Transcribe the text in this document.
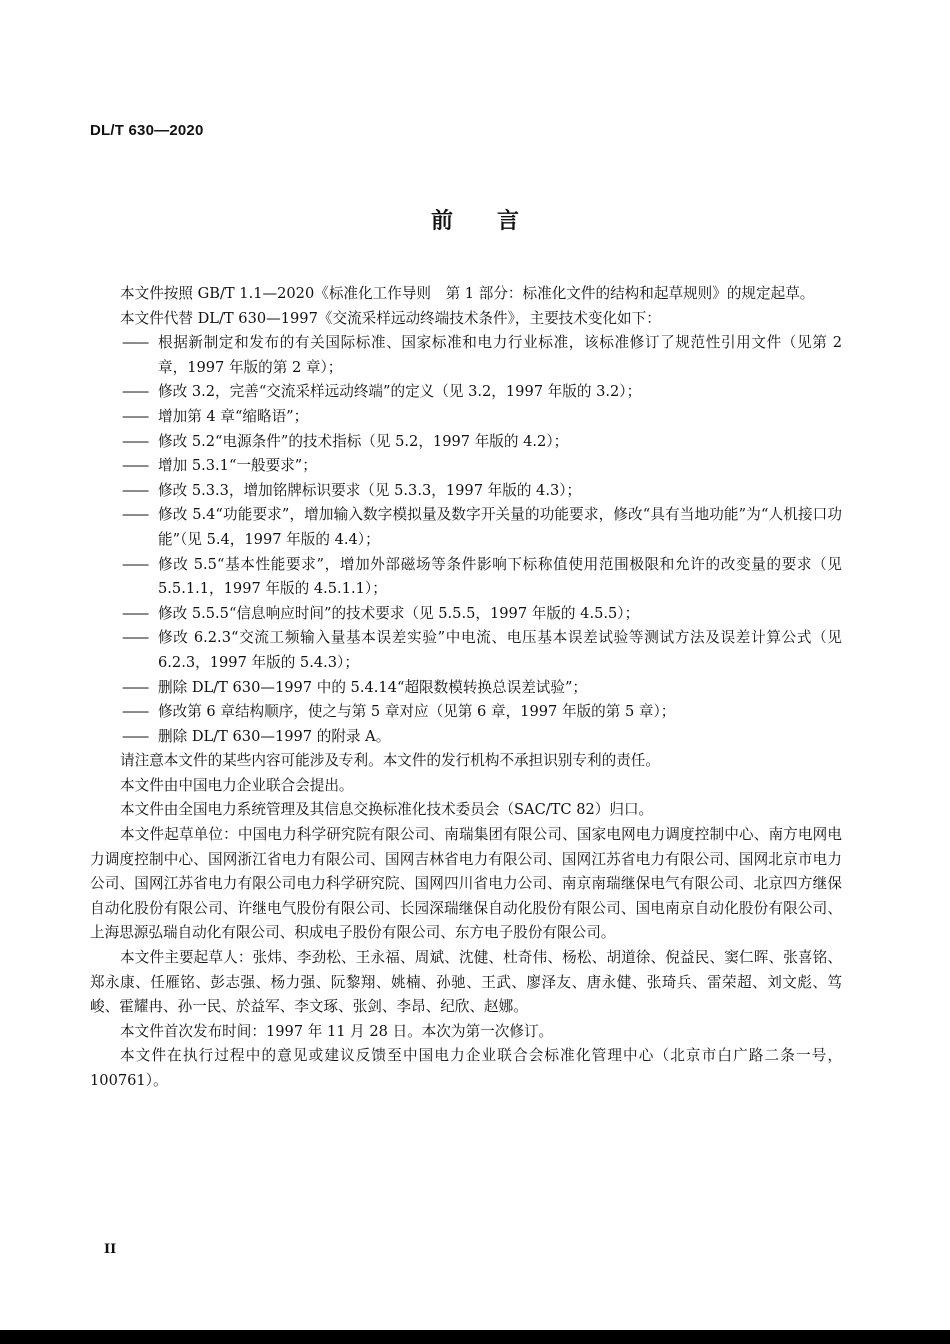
DL/T 630—2020
前言

本文件按照 GB/T 1.1—2020《标准化工作导则　第 1 部分：标准化文件的结构和起草规则》的规定起草。

本文件代替 DL/T 630—1997《交流采样远动终端技术条件》，主要技术变化如下：

—— 根据新制定和发布的有关国际标准、国家标准和电力行业标准，该标准修订了规范性引用文件（见第 2 章，1997 年版的第 2 章）；
—— 修改 3.2，完善“交流采样远动终端”的定义（见 3.2，1997 年版的 3.2）；
—— 增加第 4 章“缩略语”；
—— 修改 5.2“电源条件”的技术指标（见 5.2，1997 年版的 4.2）；
—— 增加 5.3.1“一般要求”；
—— 修改 5.3.3，增加铭牌标识要求（见 5.3.3，1997 年版的 4.3）；
—— 修改 5.4“功能要求”，增加输入数字模拟量及数字开关量的功能要求，修改“具有当地功能”为“人机接口功能”（见 5.4，1997 年版的 4.4）；
—— 修改 5.5“基本性能要求”，增加外部磁场等条件影响下标称值使用范围极限和允许的改变量的要求（见 5.5.1.1，1997 年版的 4.5.1.1）；
—— 修改 5.5.5“信息响应时间”的技术要求（见 5.5.5，1997 年版的 4.5.5）；
—— 修改 6.2.3“交流工频输入量基本误差实验”中电流、电压基本误差试验等测试方法及误差计算公式（见 6.2.3，1997 年版的 5.4.3）；
—— 删除 DL/T 630—1997 中的 5.4.14“超限数模转换总误差试验”；
—— 修改第 6 章结构顺序，使之与第 5 章对应（见第 6 章，1997 年版的第 5 章）；
—— 删除 DL/T 630—1997 的附录 A。

请注意本文件的某些内容可能涉及专利。本文件的发行机构不承担识别专利的责任。

本文件由中国电力企业联合会提出。

本文件由全国电力系统管理及其信息交换标准化技术委员会（SAC/TC 82）归口。

本文件起草单位：中国电力科学研究院有限公司、南瑞集团有限公司、国家电网电力调度控制中心、南方电网电力调度控制中心、国网浙江省电力有限公司、国网吉林省电力有限公司、国网江苏省电力有限公司、国网北京市电力公司、国网江苏省电力有限公司电力科学研究院、国网四川省电力公司、南京南瑞继保电气有限公司、北京四方继保自动化股份有限公司、许继电气股份有限公司、长园深瑞继保自动化股份有限公司、国电南京自动化股份有限公司、上海思源弘瑞自动化有限公司、积成电子股份有限公司、东方电子股份有限公司。

本文件主要起草人：张炜、李劲松、王永福、周斌、沈健、杜奇伟、杨松、胡道徐、倪益民、窦仁晖、张喜铭、郑永康、任雁铭、彭志强、杨力强、阮黎翔、姚楠、孙驰、王武、廖泽友、唐永健、张琦兵、雷荣超、刘文彪、笃峻、霍耀冉、孙一民、於益军、李文琢、张剑、李昂、纪欣、赵娜。

本文件首次发布时间：1997 年 11 月 28 日。本次为第一次修订。

本文件在执行过程中的意见或建议反馈至中国电力企业联合会标准化管理中心（北京市白广路二条一号，100761）。

II
